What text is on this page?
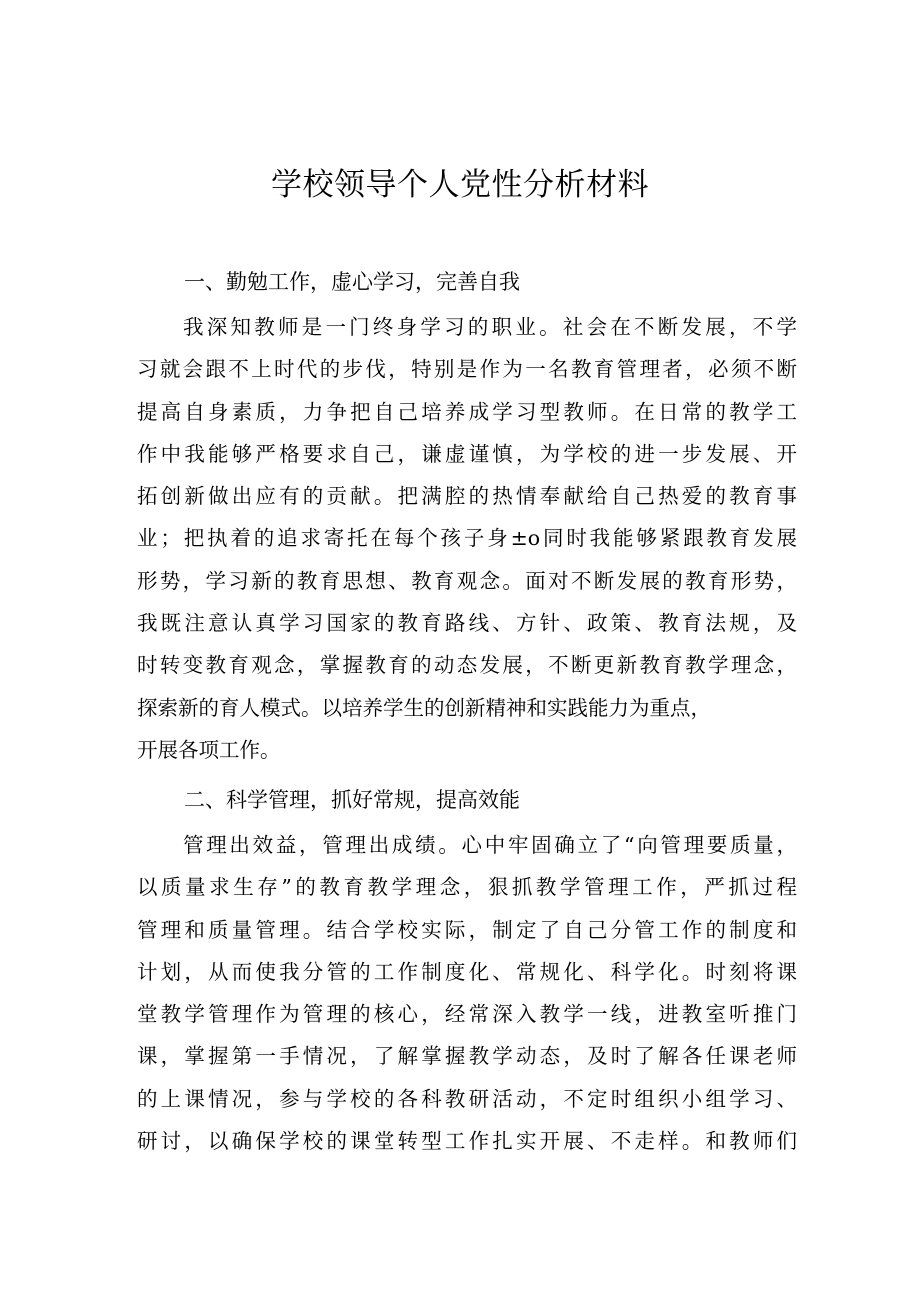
学校领导个人党性分析材料
一、勤勉工作，虚心学习，完善自我
我深知教师是一门终身学习的职业。社会在不断发展，不学
习就会跟不上时代的步伐，特别是作为一名教育管理者，必须不断
提高自身素质，力争把自己培养成学习型教师。在日常的教学工
作中我能够严格要求自己，谦虚谨慎，为学校的进一步发展、开
拓创新做出应有的贡献。把满腔的热情奉献给自己热爱的教育事
业；把执着的追求寄托在每个孩子身±o同时我能够紧跟教育发展
形势，学习新的教育思想、教育观念。面对不断发展的教育形势，
我既注意认真学习国家的教育路线、方针、政策、教育法规，及
时转变教育观念，掌握教育的动态发展，不断更新教育教学理念，
探索新的育人模式。以培养学生的创新精神和实践能力为重点，
开展各项工作。
二、科学管理，抓好常规，提高效能
管理出效益，管理出成绩。心中牢固确立了“向管理要质量，
以质量求生存”的教育教学理念，狠抓教学管理工作，严抓过程
管理和质量管理。结合学校实际，制定了自己分管工作的制度和
计划，从而使我分管的工作制度化、常规化、科学化。时刻将课
堂教学管理作为管理的核心，经常深入教学一线，进教室听推门
课，掌握第一手情况，了解掌握教学动态，及时了解各任课老师
的上课情况，参与学校的各科教研活动，不定时组织小组学习、
研讨，以确保学校的课堂转型工作扎实开展、不走样。和教师们
